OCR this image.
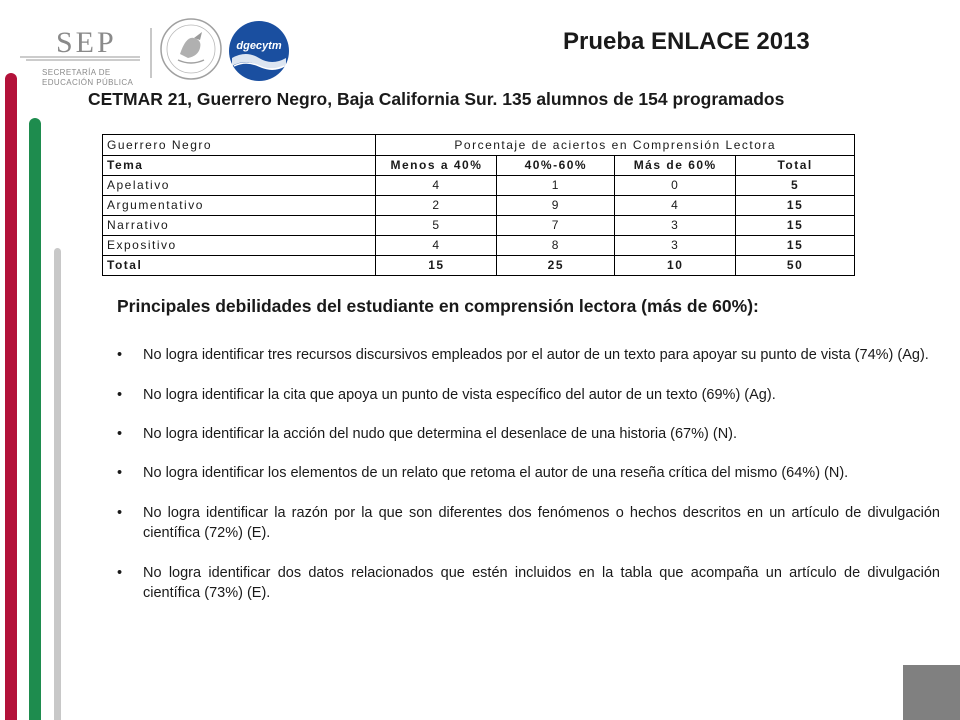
SEP
SECRETARÍA DE
EDUCACIÓN PÚBLICA
dgecytm	Prueba ENLACE 2013
CETMAR 21, Guerrero Negro, Baja California Sur. 135 alumnos de 154 programados
Guerrero Negro	Porcentaje de aciertos en Comprensión Lectora			
Tema	Menos a 40%	40%-60%	Más de 60%	Total
Apelativo	4	1	0	5
Argumentativo	2	9	4	15
Narrativo	5	7	3	15
Expositivo	4	8	3	15
Total	15	25	10	50
Principales debilidades del estudiante en comprensión lectora (más de 60%):
• No logra identificar tres recursos discursivos empleados por el autor de un texto para apoyar su punto de vista (74%) (Ag).
• No logra identificar la cita que apoya un punto de vista específico del autor de un texto (69%) (Ag).
• No logra identificar la acción del nudo que determina el desenlace de una historia (67%) (N).
• No logra identificar los elementos de un relato que retoma el autor de una reseña crítica del mismo (64%) (N).
• No logra identificar la razón por la que son diferentes dos fenómenos o hechos descritos en un artículo de divulgación científica (72%) (E).
• No logra identificar dos datos relacionados que estén incluidos en la tabla que acompaña un artículo de divulgación científica (73%) (E).
